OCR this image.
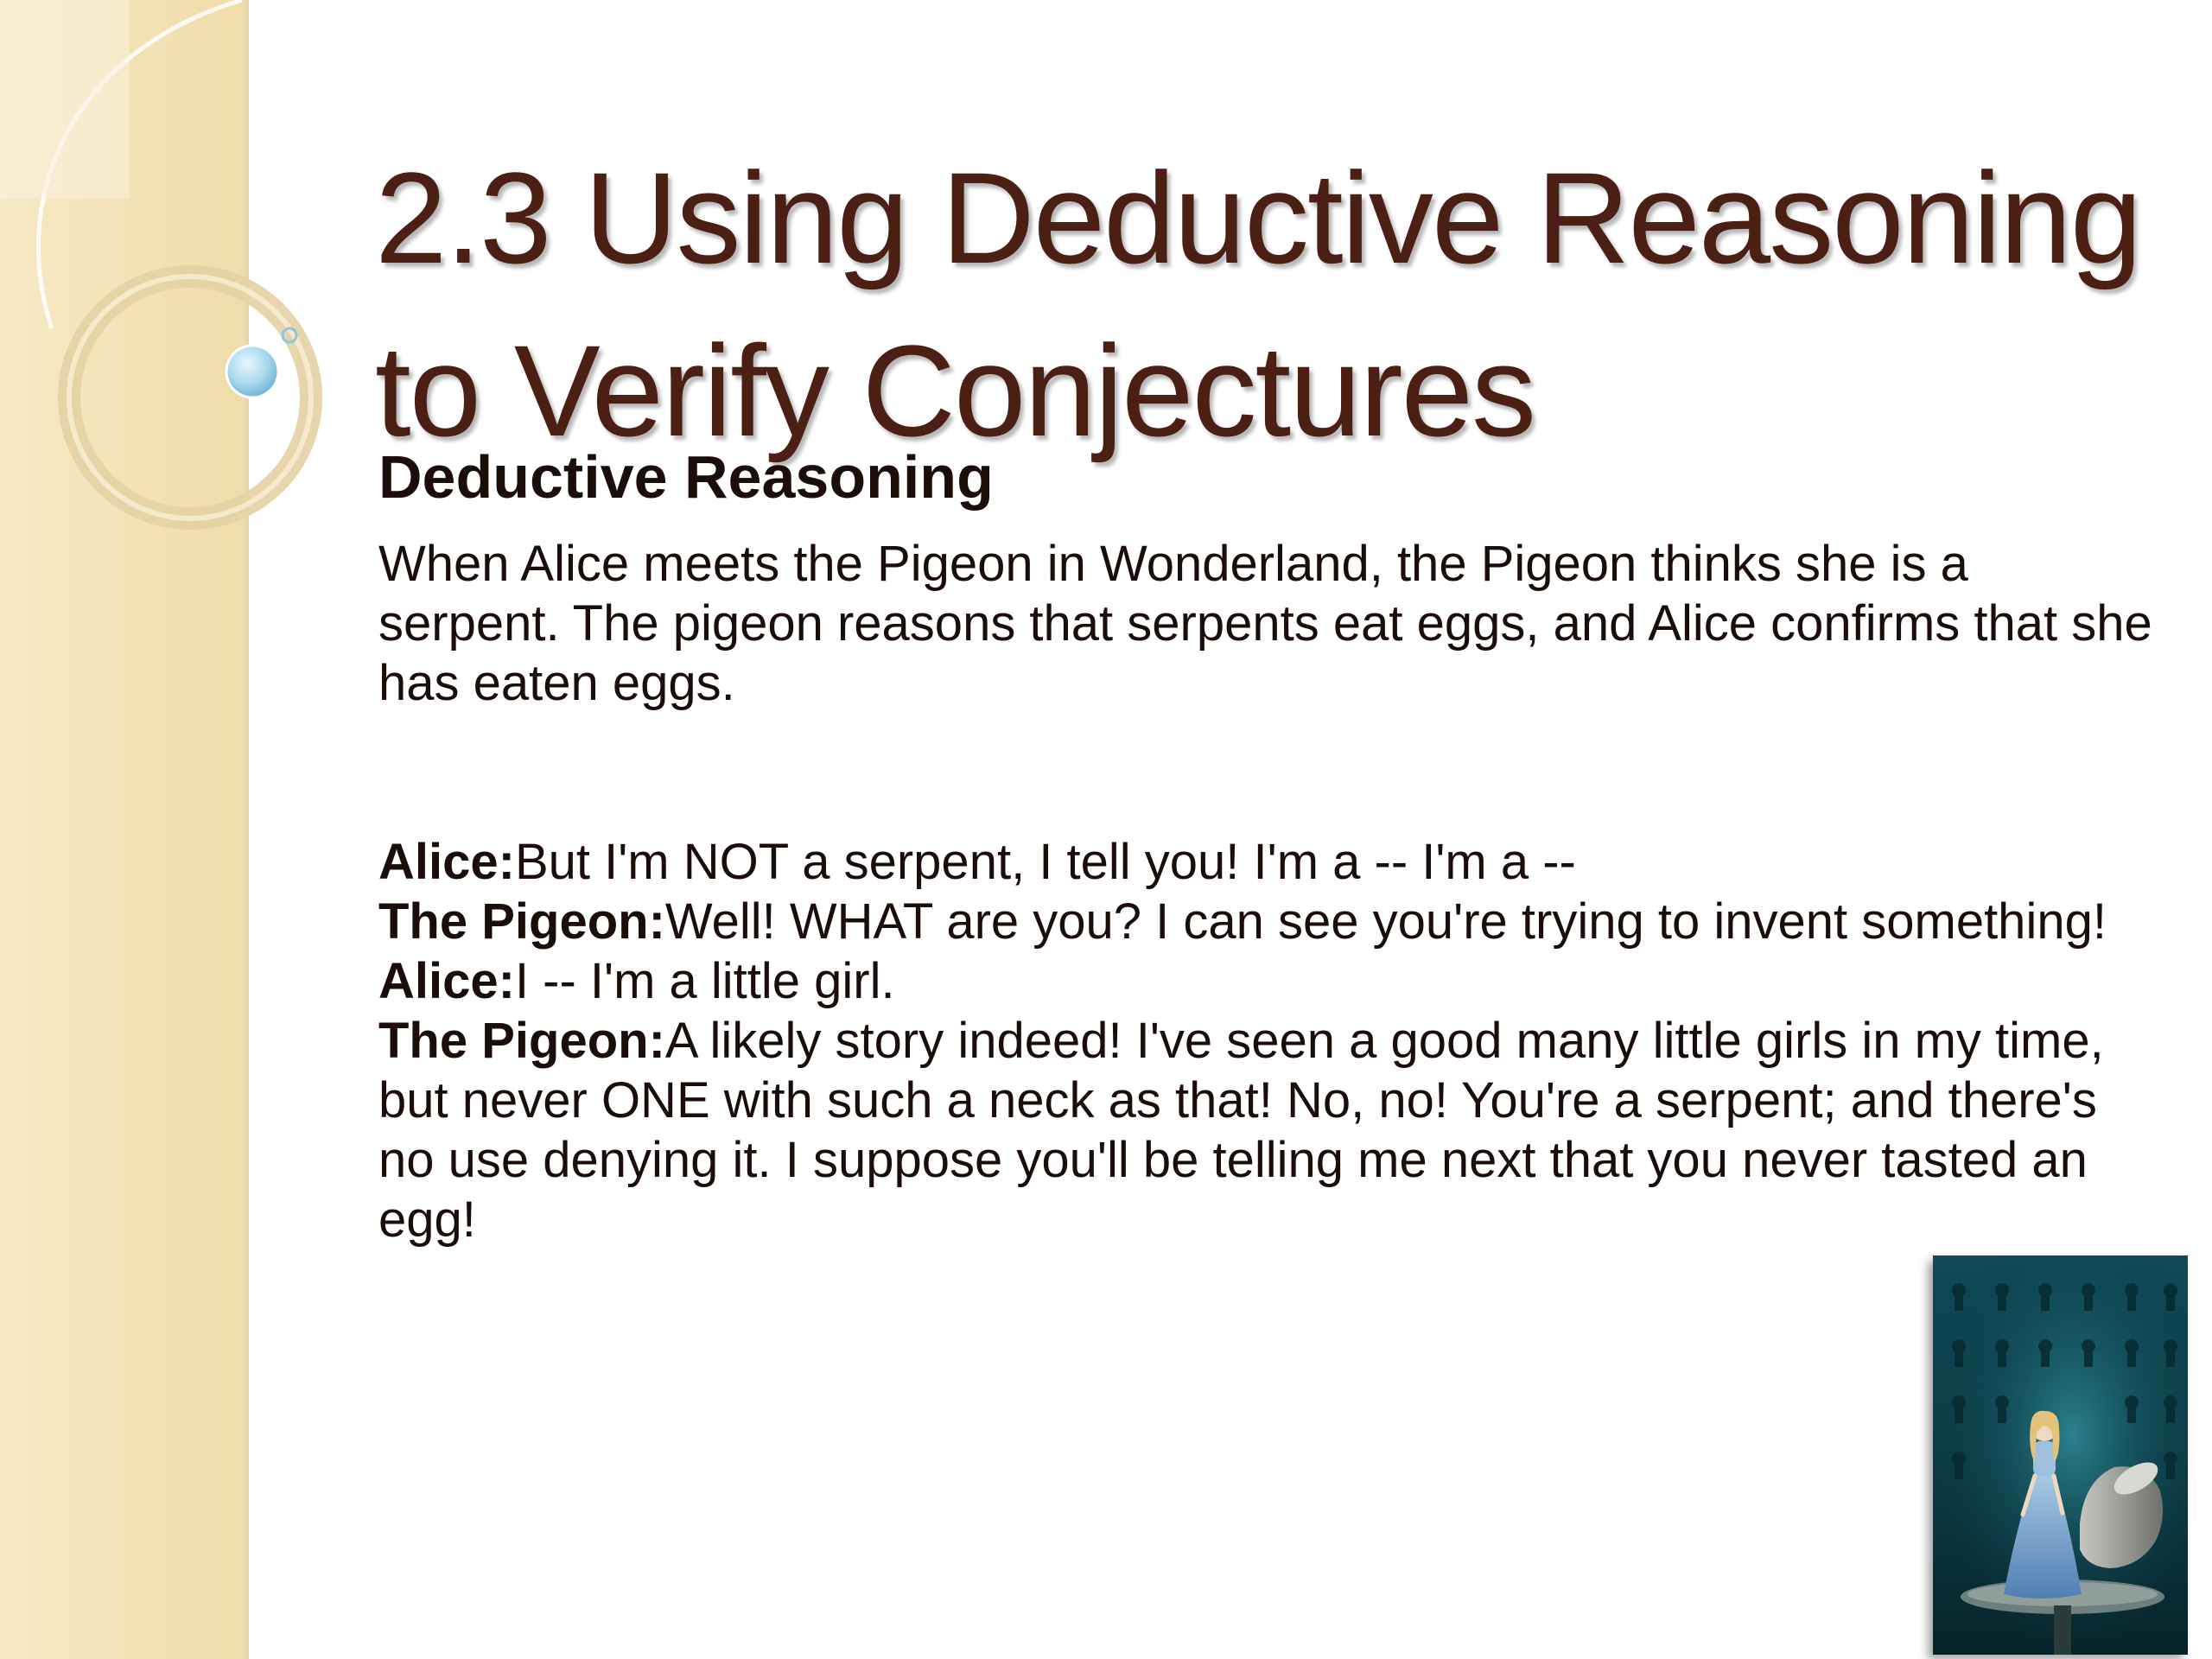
2.3 Using Deductive Reasoning
to Verify Conjectures
Deductive Reasoning

When Alice meets the Pigeon in Wonderland, the Pigeon thinks she is a serpent. The pigeon reasons that serpents eat eggs, and Alice confirms that she has eaten eggs.

Alice:But I'm NOT a serpent, I tell you! I'm a -- I'm a --

The Pigeon:Well! WHAT are you? I can see you're trying to invent something!

Alice:I -- I'm a little girl.

The Pigeon:A likely story indeed! I've seen a good many little girls in my time, but never ONE with such a neck as that! No, no! You're a serpent; and there's no use denying it. I suppose you'll be telling me next that you never tasted an egg!
